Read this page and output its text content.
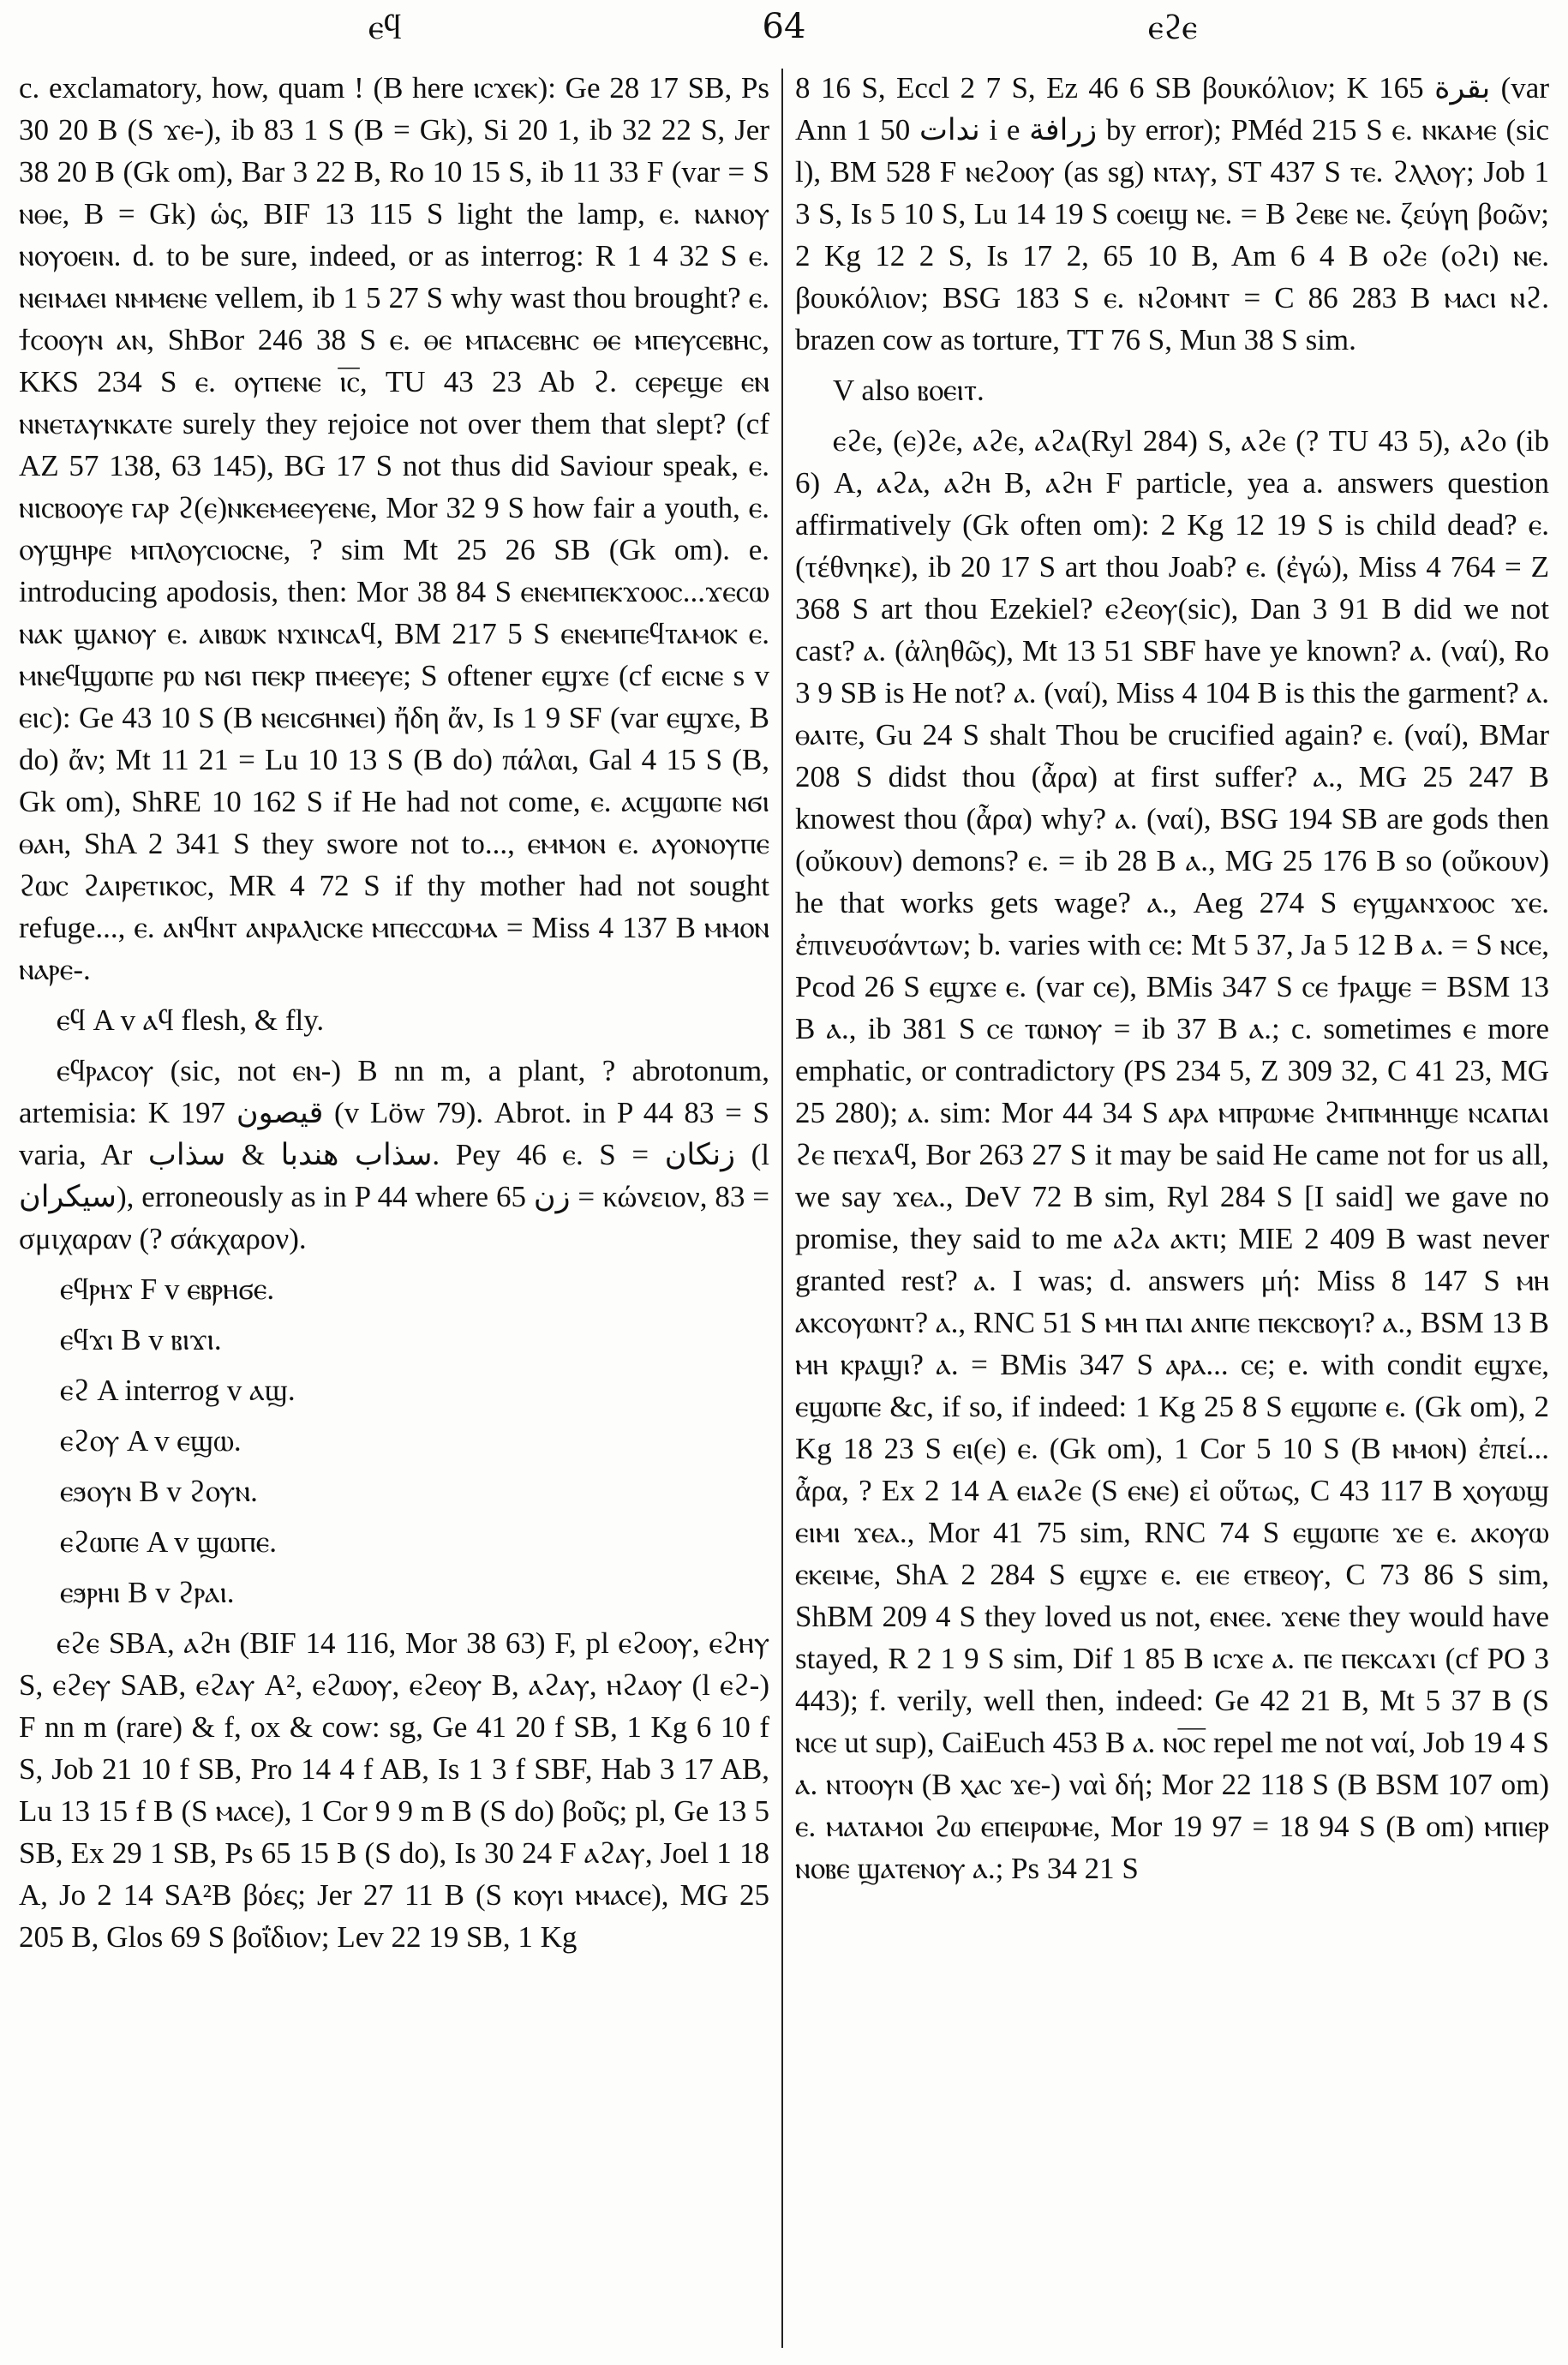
ⲉϥ	64	ⲉϩⲉ

c. exclamatory, how, quam ! (B here ⲓⲥϫⲉⲕ): Ge 28 17 SB, Ps 30 20 B (S ϫⲉ-), ib 83 1 S (B = Gk), Si 20 1, ib 32 22 S, Jer 38 20 B (Gk om), Bar 3 22 B, Ro 10 15 S, ib 11 33 F (var = S ⲛⲑⲉ, B = Gk) ὡς, BIF 13 115 S light the lamp, ⲉ. ⲛⲁⲛⲟⲩ ⲛⲟⲩⲟⲉⲓⲛ. d. to be sure, indeed, or as interrog: R 1 4 32 S ⲉ. ⲛⲉⲓⲙⲁⲉⲓ ⲛⲙⲙⲉⲛⲉ vellem, ib 1 5 27 S why wast thou brought? ⲉ. ϯⲥⲟⲟⲩⲛ ⲁⲛ, ShBor 246 38 S ⲉ. ⲑⲉ ⲙⲡⲁⲥⲉⲃⲏⲥ ⲑⲉ ⲙⲡⲉⲩⲥⲉⲃⲏⲥ, KKS 234 S ⲉ. ⲟⲩⲡⲉⲛⲉ ⲓ̅ⲥ̅, TU 43 23 Ab ϩ. ⲥⲉⲣⲉϣⲉ ⲉⲛ ⲛⲛⲉⲧⲁⲩⲛⲕⲁⲧⲉ surely they rejoice not over them that slept? (cf AZ 57 138, 63 145), BG 17 S not thus did Saviour speak, ⲉ. ⲛⲓⲥⲃⲟⲟⲩⲉ ⲅⲁⲣ ϩ(ⲉ)ⲛⲕⲉⲙⲉⲉⲩⲉⲛⲉ, Mor 32 9 S how fair a youth, ⲉ. ⲟⲩϣⲏⲣⲉ ⲙⲡⲗⲟⲩⲥⲓⲟⲥⲛⲉ, ? sim Mt 25 26 SB (Gk om). e. introducing apodosis, then: Mor 38 84 S ⲉⲛⲉⲙⲡⲉⲕϫⲟⲟⲥ...ϫⲉⲥⲱ ⲛⲁⲕ ϣⲁⲛⲟⲩ ⲉ. ⲁⲓⲃⲱⲕ ⲛϫⲓⲛⲥⲁϥ, BM 217 5 S ⲉⲛⲉⲙⲡⲉϥⲧⲁⲙⲟⲕ ⲉ. ⲙⲛⲉϥϣⲱⲡⲉ ⲣⲱ ⲛϭⲓ ⲡⲉⲕⲣ ⲡⲙⲉⲉⲩⲉ; S oftener ⲉϣϫⲉ (cf ⲉⲓⲥⲛⲉ s v ⲉⲓⲥ): Ge 43 10 S (B ⲛⲉⲓⲥϭⲏⲛⲉⲓ) ἤδη ἄν, Is 1 9 SF (var ⲉϣϫⲉ, B do) ἄν; Mt 11 21 = Lu 10 13 S (B do) πάλαι, Gal 4 15 S (B, Gk om), ShRE 10 162 S if He had not come, ⲉ. ⲁⲥϣⲱⲡⲉ ⲛϭⲓ ⲑⲁⲏ, ShA 2 341 S they swore not to..., ⲉⲙⲙⲟⲛ ⲉ. ⲁⲩⲟⲛⲟⲩⲡⲉ ϩⲱⲥ ϩⲁⲓⲣⲉⲧⲓⲕⲟⲥ, MR 4 72 S if thy mother had not sought refuge..., ⲉ. ⲁⲛϥⲛⲧ ⲁⲛⲣⲁⲗⲓⲥⲕⲉ ⲙⲡⲉⲥⲥⲱⲙⲁ = Miss 4 137 B ⲙⲙⲟⲛ ⲛⲁⲣⲉ-.

ⲉϥ A v ⲁϥ flesh, & fly.

ⲉϥⲣⲁⲥⲟⲩ (sic, not ⲉⲛ-) B nn m, a plant, ? abrotonum, artemisia: K 197 قيصون (v Löw 79). Abrot. in P 44 83 = S varia, Ar سذاب هندبا & سذاب. Pey 46 ⲉ. S = زنكان (l سيكران), erroneously as in P 44 where 65 زن = κώνειον, 83 = σμιχαραν (? σάκχαρον).

ⲉϥⲣⲏϫ F v ⲉⲃⲣⲏϭⲉ.

ⲉϥϫⲓ B v ⲃⲓϫⲓ.

ⲉϩ A interrog v ⲁϣ.

ⲉϩⲟⲩ A v ⲉϣⲱ.

ⲉϧⲟⲩⲛ B v ϩⲟⲩⲛ.

ⲉϩⲱⲡⲉ A v ϣⲱⲡⲉ.

ⲉϧⲣⲏⲓ B v ϩⲣⲁⲓ.

ⲉϩⲉ SBA, ⲁϩⲏ (BIF 14 116, Mor 38 63) F, pl ⲉϩⲟⲟⲩ, ⲉϩⲏⲩ S, ⲉϩⲉⲩ SAB, ⲉϩⲁⲩ A², ⲉϩⲱⲟⲩ, ⲉϩⲉⲟⲩ B, ⲁϩⲁⲩ, ⲏϩⲁⲟⲩ (l ⲉϩ-) F nn m (rare) & f, ox & cow: sg, Ge 41 20 f SB, 1 Kg 6 10 f S, Job 21 10 f SB, Pro 14 4 f AB, Is 1 3 f SBF, Hab 3 17 AB, Lu 13 15 f B (S ⲙⲁⲥⲉ), 1 Cor 9 9 m B (S do) βοῦς; pl, Ge 13 5 SB, Ex 29 1 SB, Ps 65 15 B (S do), Is 30 24 F ⲁϩⲁⲩ, Joel 1 18 A, Jo 2 14 SA²B βόες; Jer 27 11 B (S ⲕⲟⲩⲓ ⲙⲙⲁⲥⲉ), MG 25 205 B, Glos 69 S βοΐδιον; Lev 22 19 SB, 1 Kg

8 16 S, Eccl 2 7 S, Ez 46 6 SB βουκόλιον; K 165 بقرة (var Ann 1 50 ندات i e زرافة by error); PMéd 215 S ⲉ. ⲛⲕⲁⲙⲉ (sic l), BM 528 F ⲛⲉϩⲟⲟⲩ (as sg) ⲛⲧⲁⲩ, ST 437 S ⲧⲉ. ϩⲗⲗⲟⲩ; Job 1 3 S, Is 5 10 S, Lu 14 19 S ⲥⲟⲉⲓϣ ⲛⲉ. = B ϩⲉⲃⲉ ⲛⲉ. ζεύγη βοῶν; 2 Kg 12 2 S, Is 17 2, 65 10 B, Am 6 4 B ⲟϩⲉ (ⲟϩⲓ) ⲛⲉ. βουκόλιον; BSG 183 S ⲉ. ⲛϩⲟⲙⲛⲧ = C 86 283 B ⲙⲁⲥⲓ ⲛϩ. brazen cow as torture, TT 76 S, Mun 38 S sim.

V also ⲃⲟⲉⲓⲧ.

ⲉϩⲉ, (ⲉ)ϩⲉ, ⲁϩⲉ, ⲁϩⲁ(Ryl 284) S, ⲁϩⲉ (? TU 43 5), ⲁϩⲟ (ib 6) A, ⲁϩⲁ, ⲁϩⲏ B, ⲁϩⲏ F particle, yea a. answers question affirmatively (Gk often om): 2 Kg 12 19 S is child dead? ⲉ. (τέθνηκε), ib 20 17 S art thou Joab? ⲉ. (ἐγώ), Miss 4 764 = Z 368 S art thou Ezekiel? ⲉϩⲉⲟⲩ(sic), Dan 3 91 B did we not cast? ⲁ. (ἀληθῶς), Mt 13 51 SBF have ye known? ⲁ. (ναί), Ro 3 9 SB is He not? ⲁ. (ναί), Miss 4 104 B is this the garment? ⲁ. ⲑⲁⲓⲧⲉ, Gu 24 S shalt Thou be crucified again? ⲉ. (ναί), BMar 208 S didst thou (ἆρα) at first suffer? ⲁ., MG 25 247 B knowest thou (ἆρα) why? ⲁ. (ναί), BSG 194 SB are gods then (οὔκουν) demons? ⲉ. = ib 28 B ⲁ., MG 25 176 B so (οὔκουν) he that works gets wage? ⲁ., Aeg 274 S ⲉⲩϣⲁⲛϫⲟⲟⲥ ϫⲉ. ἐπινευσάντων; b. varies with ⲥⲉ: Mt 5 37, Ja 5 12 B ⲁ. = S ⲛⲥⲉ, Pcod 26 S ⲉϣϫⲉ ⲉ. (var ⲥⲉ), BMis 347 S ⲥⲉ ϯⲣⲁϣⲉ = BSM 13 B ⲁ., ib 381 S ⲥⲉ ⲧⲱⲛⲟⲩ = ib 37 B ⲁ.; c. sometimes ⲉ more emphatic, or contradictory (PS 234 5, Z 309 32, C 41 23, MG 25 280); ⲁ. sim: Mor 44 34 S ⲁⲣⲁ ⲙⲡⲣⲱⲙⲉ ϩⲙⲡⲙⲏⲏϣⲉ ⲛⲥⲁⲡⲁⲓ ϩⲉ ⲡⲉϫⲁϥ, Bor 263 27 S it may be said He came not for us all, we say ϫⲉⲁ., DeV 72 B sim, Ryl 284 S [I said] we gave no promise, they said to me ⲁϩⲁ ⲁⲕⲧⲓ; MIE 2 409 B wast never granted rest? ⲁ. I was; d. answers μή: Miss 8 147 S ⲙⲏ ⲁⲕⲥⲟⲩⲱⲛⲧ? ⲁ., RNC 51 S ⲙⲏ ⲡⲁⲓ ⲁⲛⲡⲉ ⲡⲉⲕⲥⲃⲟⲩⲓ? ⲁ., BSM 13 B ⲙⲏ ⲕⲣⲁϣⲓ? ⲁ. = BMis 347 S ⲁⲣⲁ... ⲥⲉ; e. with condit ⲉϣϫⲉ, ⲉϣⲱⲡⲉ &c, if so, if indeed: 1 Kg 25 8 S ⲉϣⲱⲡⲉ ⲉ. (Gk om), 2 Kg 18 23 S ⲉⲓ(ⲉ) ⲉ. (Gk om), 1 Cor 5 10 S (B ⲙⲙⲟⲛ) ἐπεί... ἆρα, ? Ex 2 14 A ⲉⲓⲁϩⲉ (S ⲉⲛⲉ) εἰ οὕτως, C 43 117 B ⲭⲟⲩⲱϣ ⲉⲓⲙⲓ ϫⲉⲁ., Mor 41 75 sim, RNC 74 S ⲉϣⲱⲡⲉ ϫⲉ ⲉ. ⲁⲕⲟⲩⲱ ⲉⲕⲉⲓⲙⲉ, ShA 2 284 S ⲉϣϫⲉ ⲉ. ⲉⲓⲉ ⲉⲧⲃⲉⲟⲩ, C 73 86 S sim, ShBM 209 4 S they loved us not, ⲉⲛⲉⲉ. ϫⲉⲛⲉ they would have stayed, R 2 1 9 S sim, Dif 1 85 B ⲓⲥϫⲉ ⲁ. ⲡⲉ ⲡⲉⲕⲥⲁϫⲓ (cf PO 3 443); f. verily, well then, indeed: Ge 42 21 B, Mt 5 37 B (S ⲛⲥⲉ ut sup), CaiEuch 453 B ⲁ. ⲛⲟ̅ⲥ̅ repel me not ναί, Job 19 4 S ⲁ. ⲛⲧⲟⲟⲩⲛ (B ⲭⲁⲥ ϫⲉ-) ναὶ δή; Mor 22 118 S (B BSM 107 om) ⲉ. ⲙⲁⲧⲁⲙⲟⲓ ϩⲱ ⲉⲡⲉⲓⲣⲱⲙⲉ, Mor 19 97 = 18 94 S (B om) ⲙⲡⲓⲉⲣ ⲛⲟⲃⲉ ϣⲁⲧⲉⲛⲟⲩ ⲁ.; Ps 34 21 S
